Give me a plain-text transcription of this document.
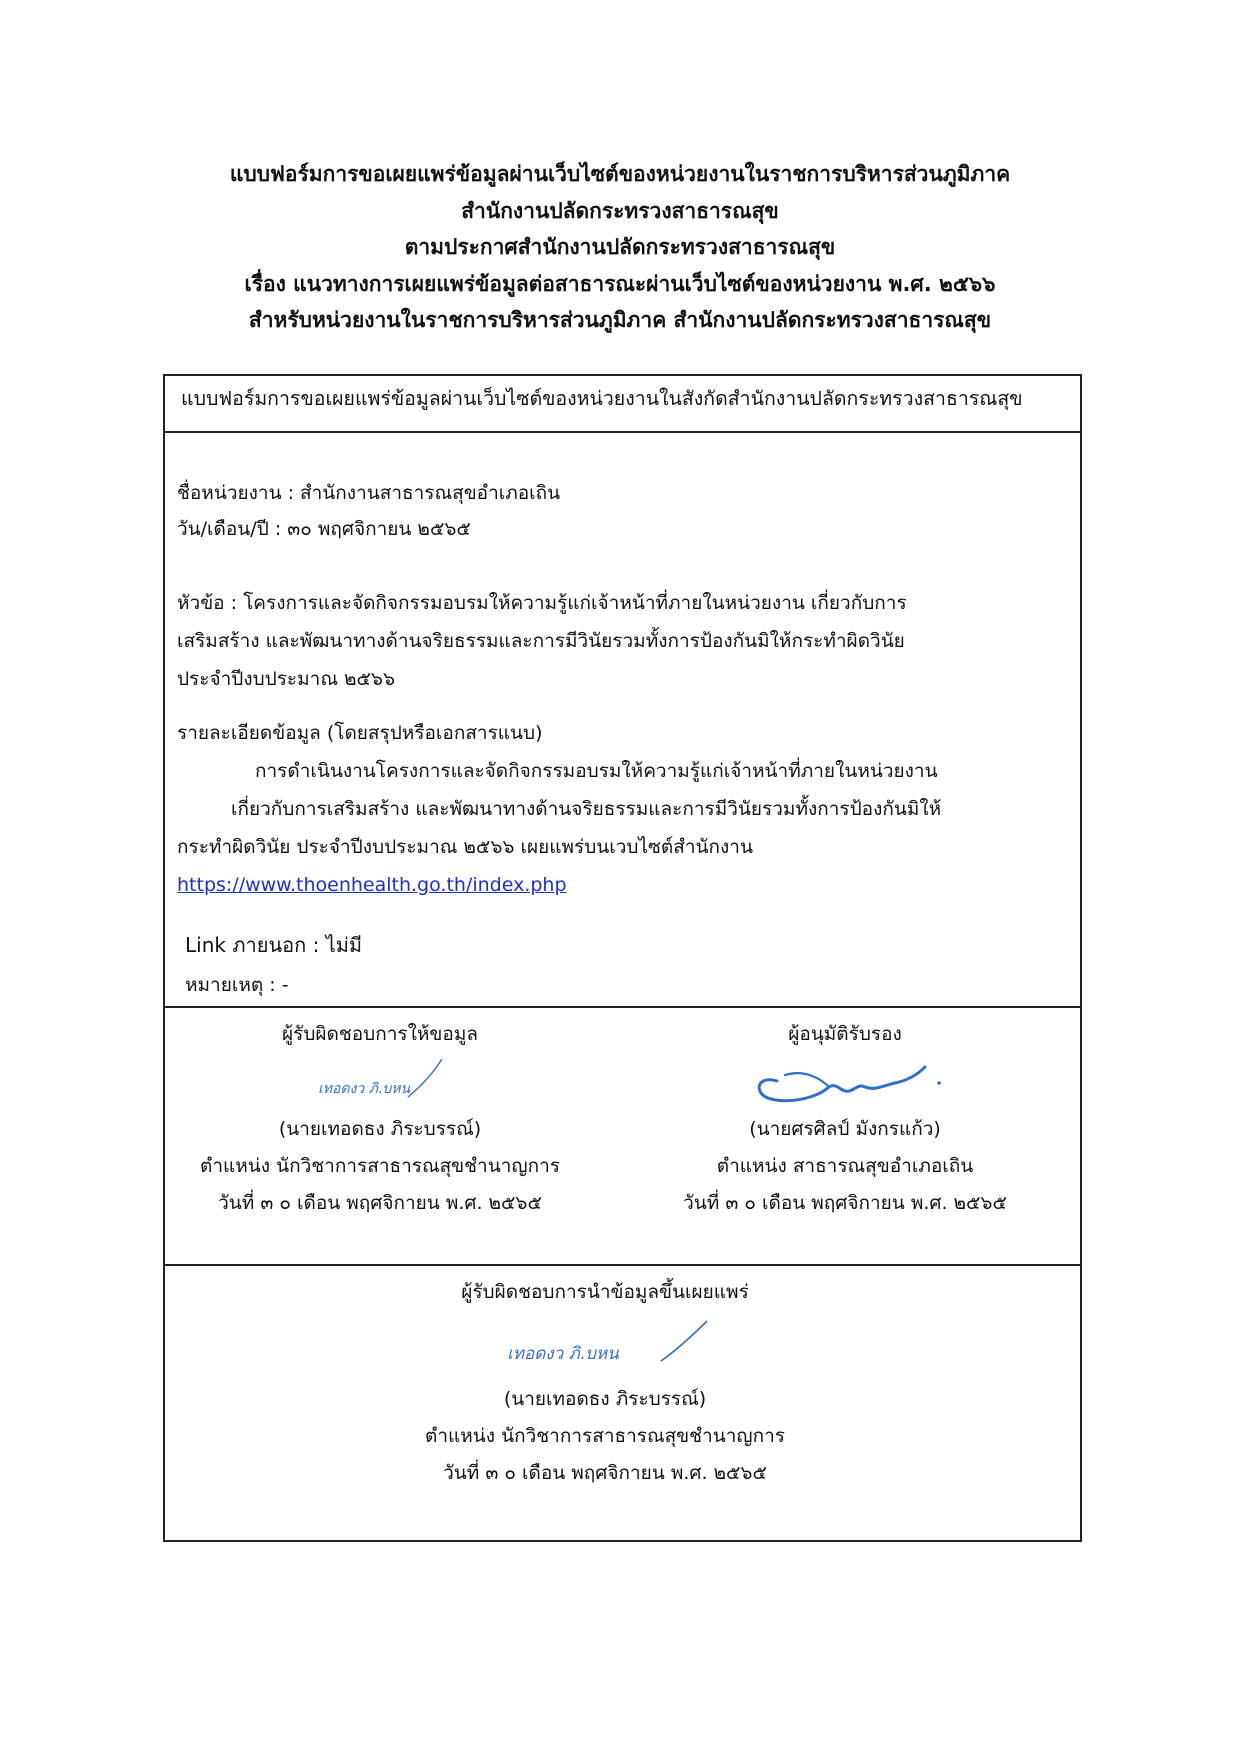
แบบฟอร์มการขอเผยแพร่ข้อมูลผ่านเว็บไซต์ของหน่วยงานในราชการบริหารส่วนภูมิภาค
สำนักงานปลัดกระทรวงสาธารณสุข
ตามประกาศสำนักงานปลัดกระทรวงสาธารณสุข
เรื่อง แนวทางการเผยแพร่ข้อมูลต่อสาธารณะผ่านเว็บไซต์ของหน่วยงาน พ.ศ. ๒๕๖๖
สำหรับหน่วยงานในราชการบริหารส่วนภูมิภาค สำนักงานปลัดกระทรวงสาธารณสุข
แบบฟอร์มการขอเผยแพร่ข้อมูลผ่านเว็บไซต์ของหน่วยงานในสังกัดสำนักงานปลัดกระทรวงสาธารณสุข
ชื่อหน่วยงาน : สำนักงานสาธารณสุขอำเภอเถิน
วัน/เดือน/ปี : ๓๐ พฤศจิกายน ๒๕๖๕
หัวข้อ : โครงการและจัดกิจกรรมอบรมให้ความรู้แก่เจ้าหน้าที่ภายในหน่วยงาน เกี่ยวกับการ
เสริมสร้าง และพัฒนาทางด้านจริยธรรมและการมีวินัยรวมทั้งการป้องกันมิให้กระทำผิดวินัย
ประจำปีงบประมาณ ๒๕๖๖
รายละเอียดข้อมูล (โดยสรุปหรือเอกสารแนบ)
การดำเนินงานโครงการและจัดกิจกรรมอบรมให้ความรู้แก่เจ้าหน้าที่ภายในหน่วยงาน
เกี่ยวกับการเสริมสร้าง และพัฒนาทางด้านจริยธรรมและการมีวินัยรวมทั้งการป้องกันมิให้
กระทำผิดวินัย ประจำปีงบประมาณ ๒๕๖๖ เผยแพร่บนเวบไซต์สำนักงาน
https://www.thoenhealth.go.th/index.php
Link ภายนอก : ไม่มี
หมายเหตุ : -
ผู้รับผิดชอบการให้ขอมูล
เทอดงว ภิ.บหน
(นายเทอดธง ภิระบรรณ์)
ตำแหน่ง นักวิชาการสาธารณสุขชำนาญการ
วันที่ ๓ ๐ เดือน พฤศจิกายน พ.ศ. ๒๕๖๕
ผู้อนุมัติรับรอง
(นายศรศิลป์ มังกรแก้ว)
ตำแหน่ง สาธารณสุขอำเภอเถิน
วันที่ ๓ ๐ เดือน พฤศจิกายน พ.ศ. ๒๕๖๕
ผู้รับผิดชอบการนำข้อมูลขึ้นเผยแพร่
เทอดงว ภิ.บหน
(นายเทอดธง ภิระบรรณ์)
ตำแหน่ง นักวิชาการสาธารณสุขชำนาญการ
วันที่ ๓ ๐ เดือน พฤศจิกายน พ.ศ. ๒๕๖๕
